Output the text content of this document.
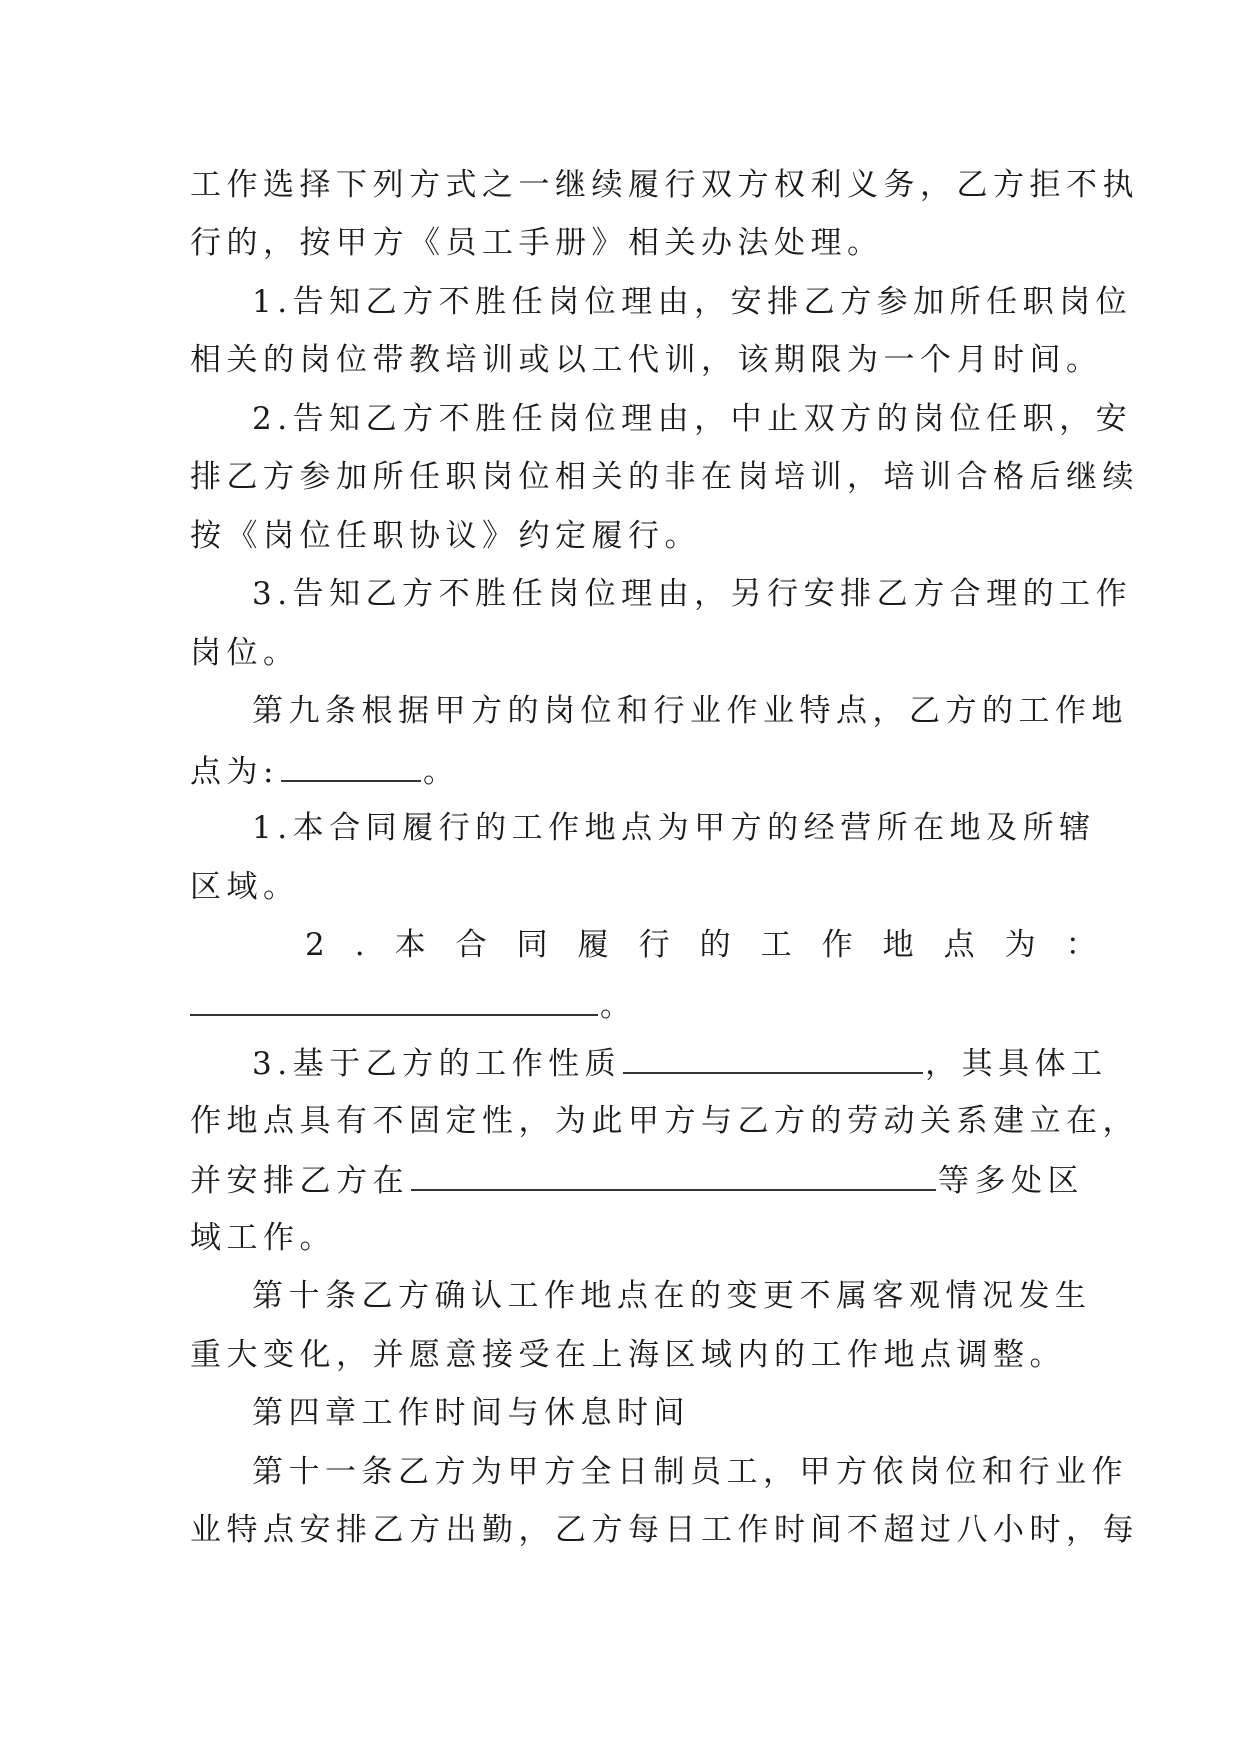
工作选择下列方式之一继续履行双方权利义务，乙方拒不执
行的，按甲方《员工手册》相关办法处理。
1.告知乙方不胜任岗位理由，安排乙方参加所任职岗位
相关的岗位带教培训或以工代训，该期限为一个月时间。
2.告知乙方不胜任岗位理由，中止双方的岗位任职，安
排乙方参加所任职岗位相关的非在岗培训，培训合格后继续
按《岗位任职协议》约定履行。
3.告知乙方不胜任岗位理由，另行安排乙方合理的工作
岗位。
第九条根据甲方的岗位和行业作业特点，乙方的工作地
点为:	。
1.本合同履行的工作地点为甲方的经营所在地及所辖
区域。
2.本合同履行的工作地点为：
。
3.基于乙方的工作性质	，其具体工
作地点具有不固定性，为此甲方与乙方的劳动关系建立在，
并安排乙方在	等多处区
域工作。
第十条乙方确认工作地点在的变更不属客观情况发生
重大变化，并愿意接受在上海区域内的工作地点调整。
第四章工作时间与休息时间
第十一条乙方为甲方全日制员工，甲方依岗位和行业作
业特点安排乙方出勤，乙方每日工作时间不超过八小时，每
